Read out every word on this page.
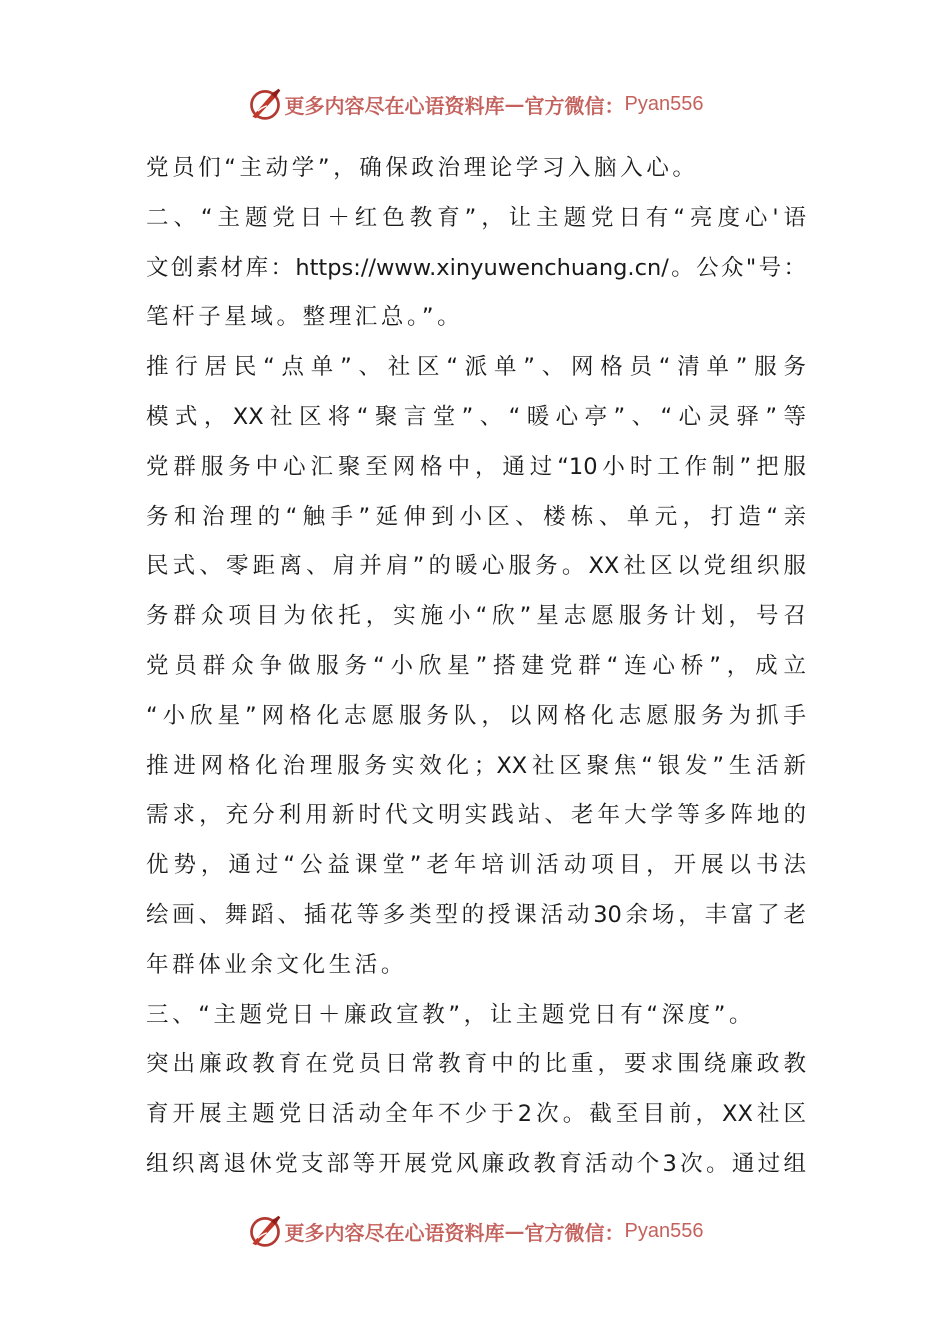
更多内容尽在心语资料库 — 官方微信： Pyan556
党员们“主动学”，确保政治理论学习入脑入心。
二、“主题党日＋红色教育”，让主题党日有“亮度心'语
文创素材库：https://www.xinyuwenchuang.cn/。公众"号：
笔杆子星域。整理汇总。”。
推行居民“点单”、社区“派单”、网格员“清单”服务
模式，XX社区将“聚言堂”、“暖心亭”、“心灵驿”等
党群服务中心汇聚至网格中，通过“10小时工作制”把服
务和治理的“触手”延伸到小区、楼栋、单元，打造“亲
民式、零距离、肩并肩”的暖心服务。XX社区以党组织服
务群众项目为依托，实施小“欣”星志愿服务计划，号召
党员群众争做服务“小欣星”搭建党群“连心桥”，成立
“小欣星”网格化志愿服务队，以网格化志愿服务为抓手
推进网格化治理服务实效化；XX社区聚焦“银发”生活新
需求，充分利用新时代文明实践站、老年大学等多阵地的
优势，通过“公益课堂”老年培训活动项目，开展以书法
绘画、舞蹈、插花等多类型的授课活动30余场，丰富了老
年群体业余文化生活。
三、“主题党日＋廉政宣教”，让主题党日有“深度”。
突出廉政教育在党员日常教育中的比重，要求围绕廉政教
育开展主题党日活动全年不少于2次。截至目前，XX社区
组织离退休党支部等开展党风廉政教育活动个3次。通过组
更多内容尽在心语资料库 — 官方微信： Pyan556
